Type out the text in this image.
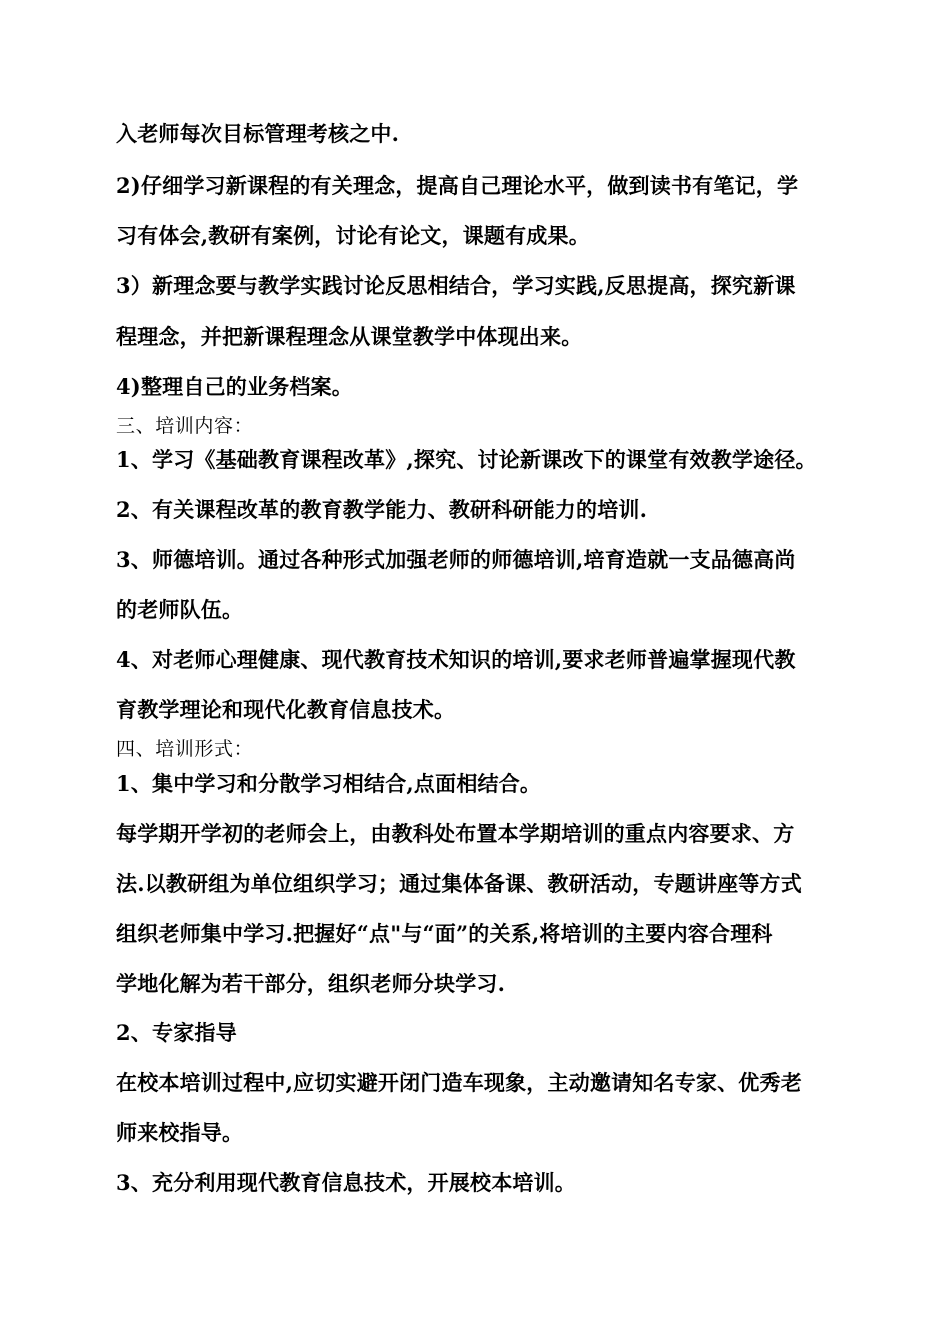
入老师每次目标管理考核之中.
2)仔细学习新课程的有关理念，提高自己理论水平，做到读书有笔记，学
习有体会,教研有案例，讨论有论文，课题有成果。
3）新理念要与教学实践讨论反思相结合，学习实践,反思提高，探究新课
程理念，并把新课程理念从课堂教学中体现出来。
4)整理自己的业务档案。
三、培训内容：
1、学习《基础教育课程改革》,探究、讨论新课改下的课堂有效教学途径。
2、有关课程改革的教育教学能力、教研科研能力的培训.
3、师德培训。通过各种形式加强老师的师德培训,培育造就一支品德高尚
的老师队伍。
4、对老师心理健康、现代教育技术知识的培训,要求老师普遍掌握现代教
育教学理论和现代化教育信息技术。
四、培训形式：
1、集中学习和分散学习相结合,点面相结合。
每学期开学初的老师会上，由教科处布置本学期培训的重点内容要求、方
法.以教研组为单位组织学习；通过集体备课、教研活动，专题讲座等方式
组织老师集中学习.把握好“点"与“面”的关系,将培训的主要内容合理科
学地化解为若干部分，组织老师分块学习.
2、专家指导
在校本培训过程中,应切实避开闭门造车现象，主动邀请知名专家、优秀老
师来校指导。
3、充分利用现代教育信息技术，开展校本培训。
